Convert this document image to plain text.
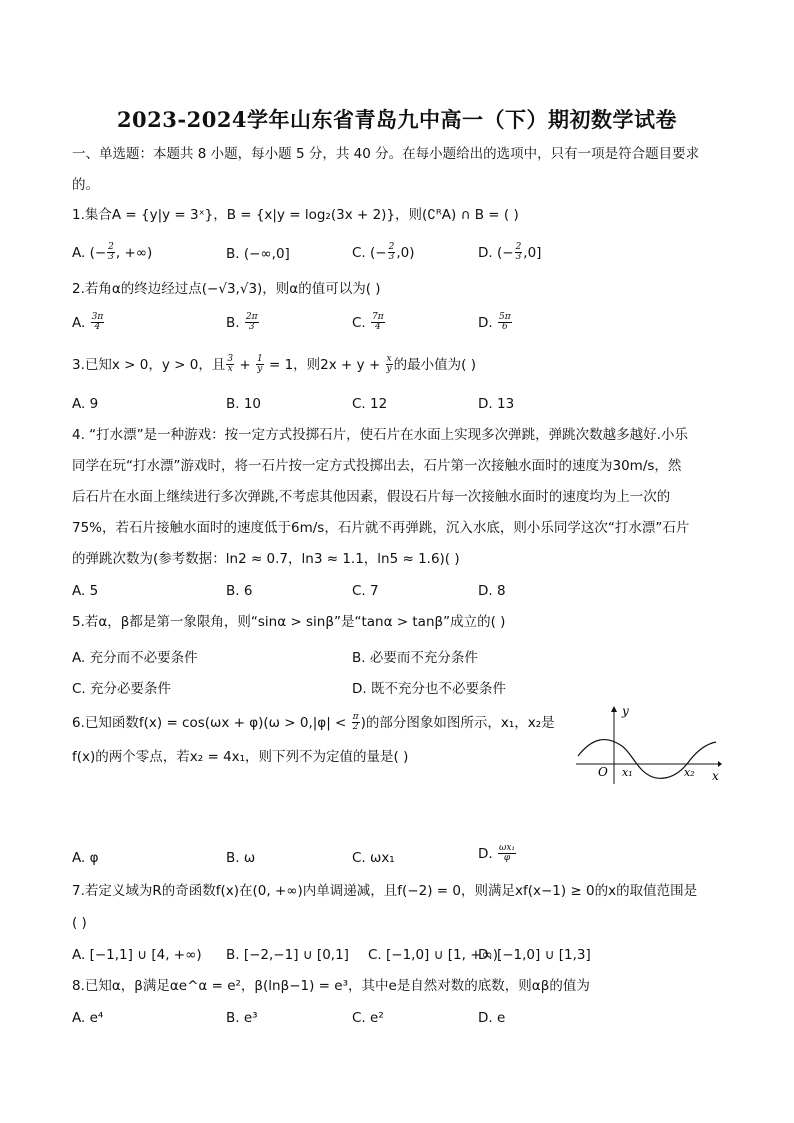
2023-2024学年山东省青岛九中高一（下）期初数学试卷
一、单选题：本题共 8 小题，每小题 5 分，共 40 分。在每小题给出的选项中，只有一项是符合题目要求
的。
1.集合A = {y|y = 3ˣ}，B = {x|y = log₂(3x + 2)}，则(∁ᴿA) ∩ B = ( )
A. (− $\frac{2}{3}$ , +∞)	B. (−∞,0]	C. (− $\frac{2}{3} ,0$)	D. (− $\frac{2}{3} ,0$]
2.若角α的终边经过点(−√3,√3)，则α的值可以为( )
A. $\frac{3\pi}{4}$	B. $\frac{2\pi}{3}$	C. $\frac{7\pi}{4}$	D. $\frac{5\pi}{6}$
3.已知x > 0，y > 0，且 $\frac{3}{x} + \frac{1}{y} = 1$，则$2x + y + \frac{x}{y}$ 的最小值为( )
A. 9	B. 10	C. 12	D. 13
4. “打水漂”是一种游戏：按一定方式投掷石片，使石片在水面上实现多次弹跳，弹跳次数越多越好.小乐
同学在玩“打水漂”游戏时，将一石片按一定方式投掷出去，石片第一次接触水面时的速度为30m/s，然
后石片在水面上继续进行多次弹跳,不考虑其他因素，假设石片每一次接触水面时的速度均为上一次的
75%，若石片接触水面时的速度低于6m/s，石片就不再弹跳，沉入水底，则小乐同学这次“打水漂”石片
的弹跳次数为(参考数据：ln2 ≈ 0.7，ln3 ≈ 1.1，ln5 ≈ 1.6)( )
A. 5	B. 6	C. 7	D. 8
5.若α，β都是第一象限角，则“sinα > sinβ”是“tanα > tanβ”成立的( )
A. 充分而不必要条件	B. 必要而不充分条件
C. 充分必要条件	D. 既不充分也不必要条件
6.已知函数$f(x) = \cos(\omega x + \varphi)(\omega > 0,|\varphi| < \frac{\pi}{2}$ )的部分图象如图所示，x₁，x₂是
f(x)的两个零点，若x₂ = 4x₁，则下列不为定值的量是( )
y
O x₁	x₂ x
A. φ	B. ω	C. ωx₁	D. $\frac{\text{ωx₁}}{\varphi}$
7.若定义域为R的奇函数f(x)在(0, +∞)内单调递减，且f(−2) = 0，则满足xf(x−1) ≥ 0的x的取值范围是
( )
A. [−1,1] ∪ [4, +∞) B. [−2,−1] ∪ [0,1] C. [−1,0] ∪ [1, +∞)
D. [−1,0] ∪ [1,3]
8.已知α，β满足αe^α = e²，β(lnβ−1) = e³，其中e是自然对数的底数，则αβ的值为
A. e⁴	B. e³	C. e²	D. e
